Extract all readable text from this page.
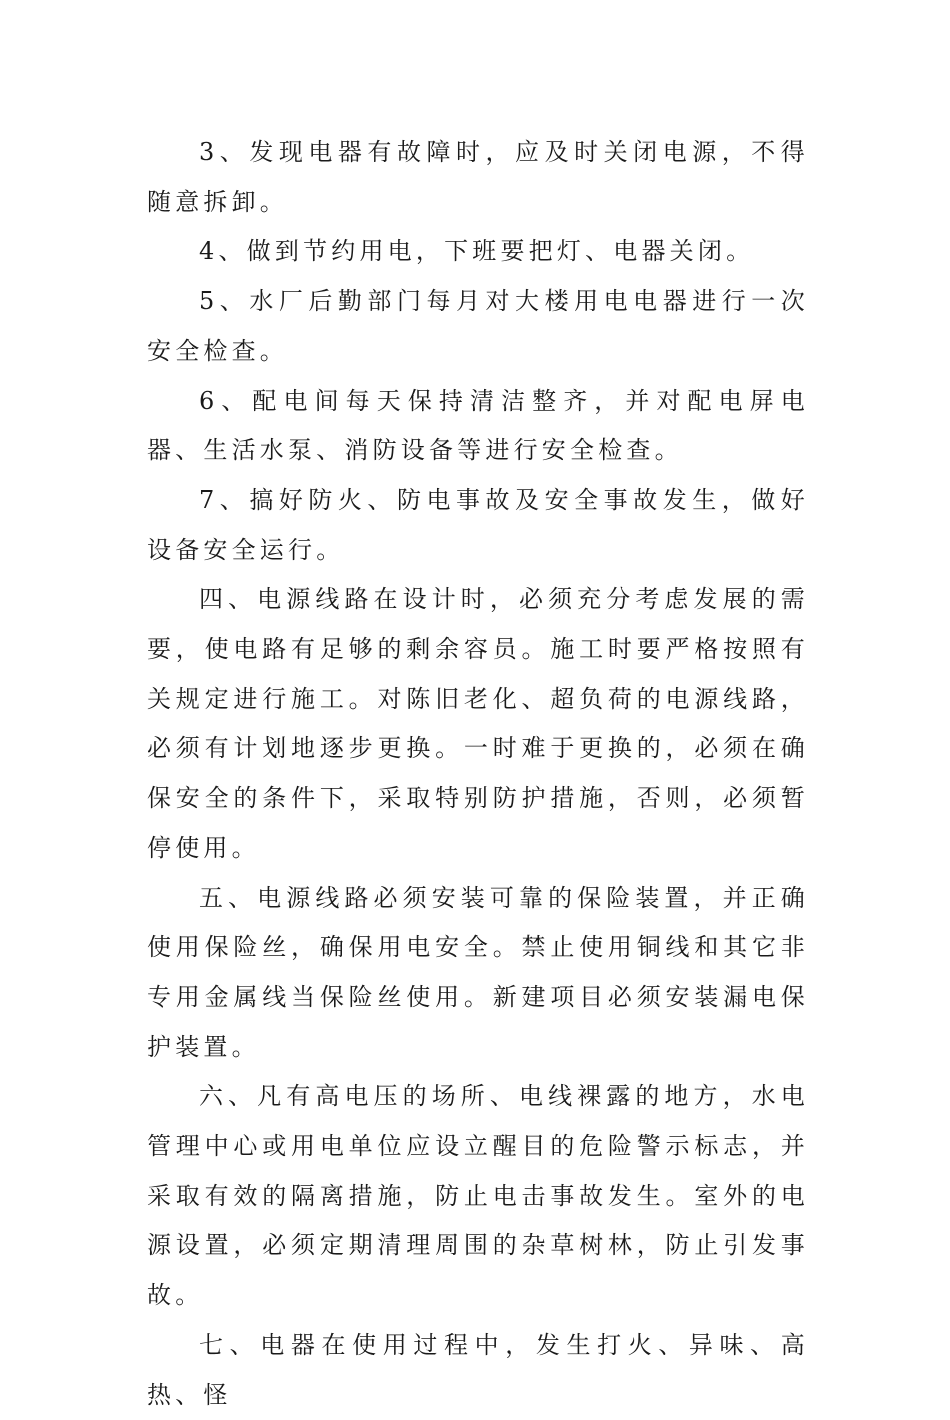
3、发现电器有故障时，应及时关闭电源，不得随意拆卸。

4、做到节约用电，下班要把灯、电器关闭。

5、水厂后勤部门每月对大楼用电电器进行一次安全检查。

6、配电间每天保持清洁整齐，并对配电屏电器、生活水泵、消防设备等进行安全检查。

7、搞好防火、防电事故及安全事故发生，做好设备安全运行。

四、电源线路在设计时，必须充分考虑发展的需要，使电路有足够的剩余容员。施工时要严格按照有关规定进行施工。对陈旧老化、超负荷的电源线路，必须有计划地逐步更换。一时难于更换的，必须在确保安全的条件下，采取特别防护措施，否则，必须暂停使用。

五、电源线路必须安装可靠的保险装置，并正确使用保险丝，确保用电安全。禁止使用铜线和其它非专用金属线当保险丝使用。新建项目必须安装漏电保护装置。

六、凡有高电压的场所、电线裸露的地方，水电管理中心或用电单位应设立醒目的危险警示标志，并采取有效的隔离措施，防止电击事故发生。室外的电源设置，必须定期清理周围的杂草树林，防止引发事故。

七、电器在使用过程中，发生打火、异味、高热、怪
